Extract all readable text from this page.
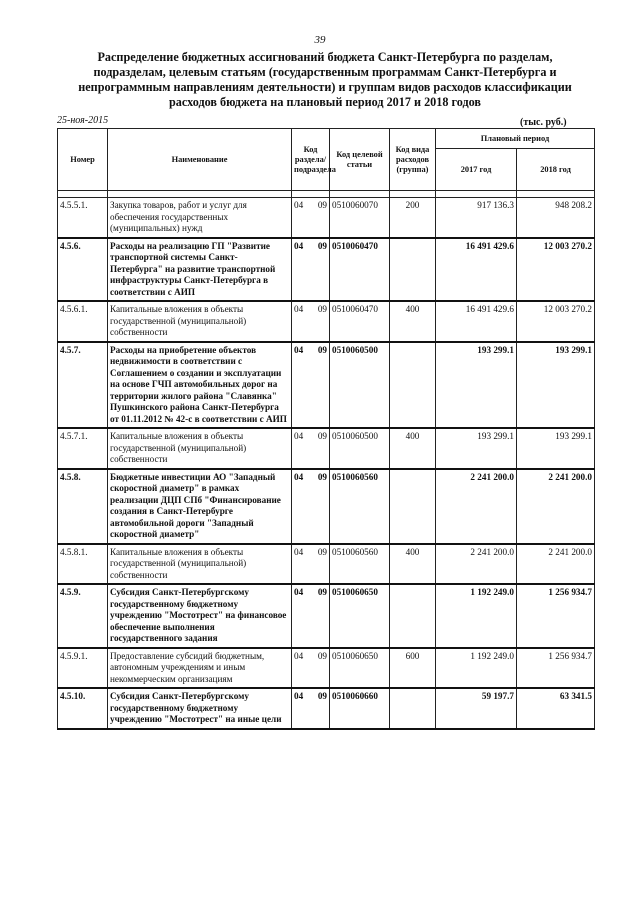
39
Распределение бюджетных ассигнований бюджета Санкт-Петербурга по разделам, подразделам, целевым статьям (государственным программам Санкт-Петербурга и непрограммным направлениям деятельности) и группам видов расходов классификации расходов бюджета на плановый период 2017 и 2018 годов
25-ноя-2015	(тыс. руб.)
Номер	Наименование	Код раздела/ подраздела	Код целевой статьи	Код вида расходов (группа)	Плановый период	
					2017 год	2018 год

4.5.5.1.	Закупка товаров, работ и услуг для обеспечения государственных (муниципальных) нужд	04 09	0510060070	200	917 136.3	948 208.2
4.5.6.	Расходы на реализацию ГП "Развитие транспортной системы Санкт-Петербурга" на развитие транспортной инфраструктуры Санкт-Петербурга в соответствии с АИП	04 09	0510060470		16 491 429.6	12 003 270.2
4.5.6.1.	Капитальные вложения в объекты государственной (муниципальной) собственности	04 09	0510060470	400	16 491 429.6	12 003 270.2
4.5.7.	Расходы на приобретение объектов недвижимости в соответствии с Соглашением о создании и эксплуатации на основе ГЧП автомобильных дорог на территории жилого района "Славянка" Пушкинского района Санкт-Петербурга от 01.11.2012 № 42-с в соответствии с АИП	04 09	0510060500		193 299.1	193 299.1
4.5.7.1.	Капитальные вложения в объекты государственной (муниципальной) собственности	04 09	0510060500	400	193 299.1	193 299.1
4.5.8.	Бюджетные инвестиции АО "Западный скоростной диаметр" в рамках реализации ДЦП СПб "Финансирование создания в Санкт-Петербурге автомобильной дороги "Западный скоростной диаметр"	04 09	0510060560		2 241 200.0	2 241 200.0
4.5.8.1.	Капитальные вложения в объекты государственной (муниципальной) собственности	04 09	0510060560	400	2 241 200.0	2 241 200.0
4.5.9.	Субсидия Санкт-Петербургскому государственному бюджетному учреждению "Мостотрест" на финансовое обеспечение выполнения государственного задания	04 09	0510060650		1 192 249.0	1 256 934.7
4.5.9.1.	Предоставление субсидий бюджетным, автономным учреждениям и иным некоммерческим организациям	04 09	0510060650	600	1 192 249.0	1 256 934.7
4.5.10.	Субсидия Санкт-Петербургскому государственному бюджетному учреждению "Мостотрест" на иные цели	04 09	0510060660		59 197.7	63 341.5
